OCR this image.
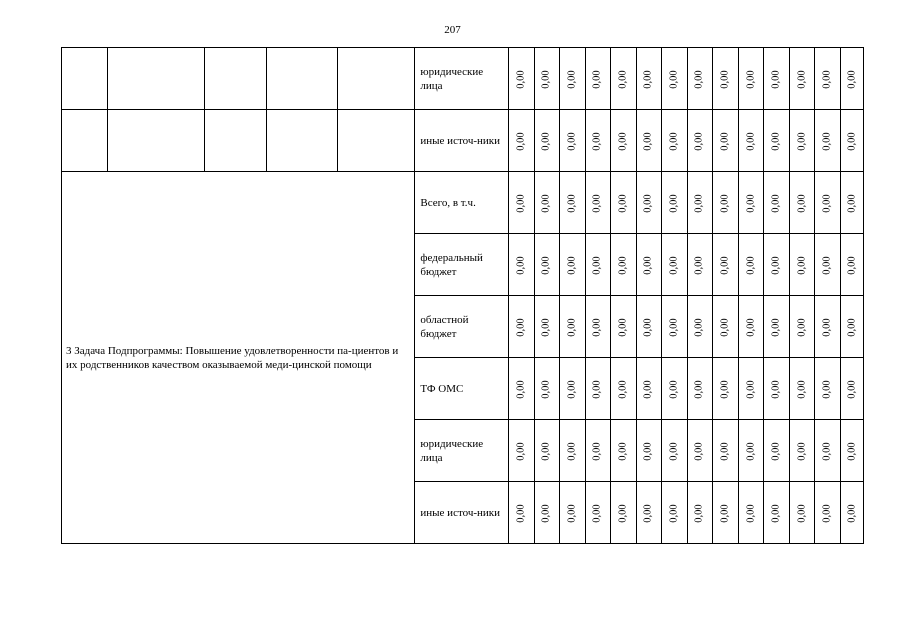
207
					юридические лица	0,00	0,00	0,00	0,00	0,00	0,00	0,00	0,00	0,00	0,00	0,00	0,00	0,00	0,00
					иные источ-ники	0,00	0,00	0,00	0,00	0,00	0,00	0,00	0,00	0,00	0,00	0,00	0,00	0,00	0,00
3 Задача Подпрограммы: Повышение удовлетворенности па-циентов и их родственников качеством оказываемой меди-цинской помощи					Всего, в т.ч.	0,00	0,00	0,00	0,00	0,00	0,00	0,00	0,00	0,00	0,00	0,00	0,00	0,00	0,00
					федеральный бюджет	0,00	0,00	0,00	0,00	0,00	0,00	0,00	0,00	0,00	0,00	0,00	0,00	0,00	0,00
					областной бюджет	0,00	0,00	0,00	0,00	0,00	0,00	0,00	0,00	0,00	0,00	0,00	0,00	0,00	0,00
					ТФ ОМС	0,00	0,00	0,00	0,00	0,00	0,00	0,00	0,00	0,00	0,00	0,00	0,00	0,00	0,00
					юридические лица	0,00	0,00	0,00	0,00	0,00	0,00	0,00	0,00	0,00	0,00	0,00	0,00	0,00	0,00
					иные источ-ники	0,00	0,00	0,00	0,00	0,00	0,00	0,00	0,00	0,00	0,00	0,00	0,00	0,00	0,00
